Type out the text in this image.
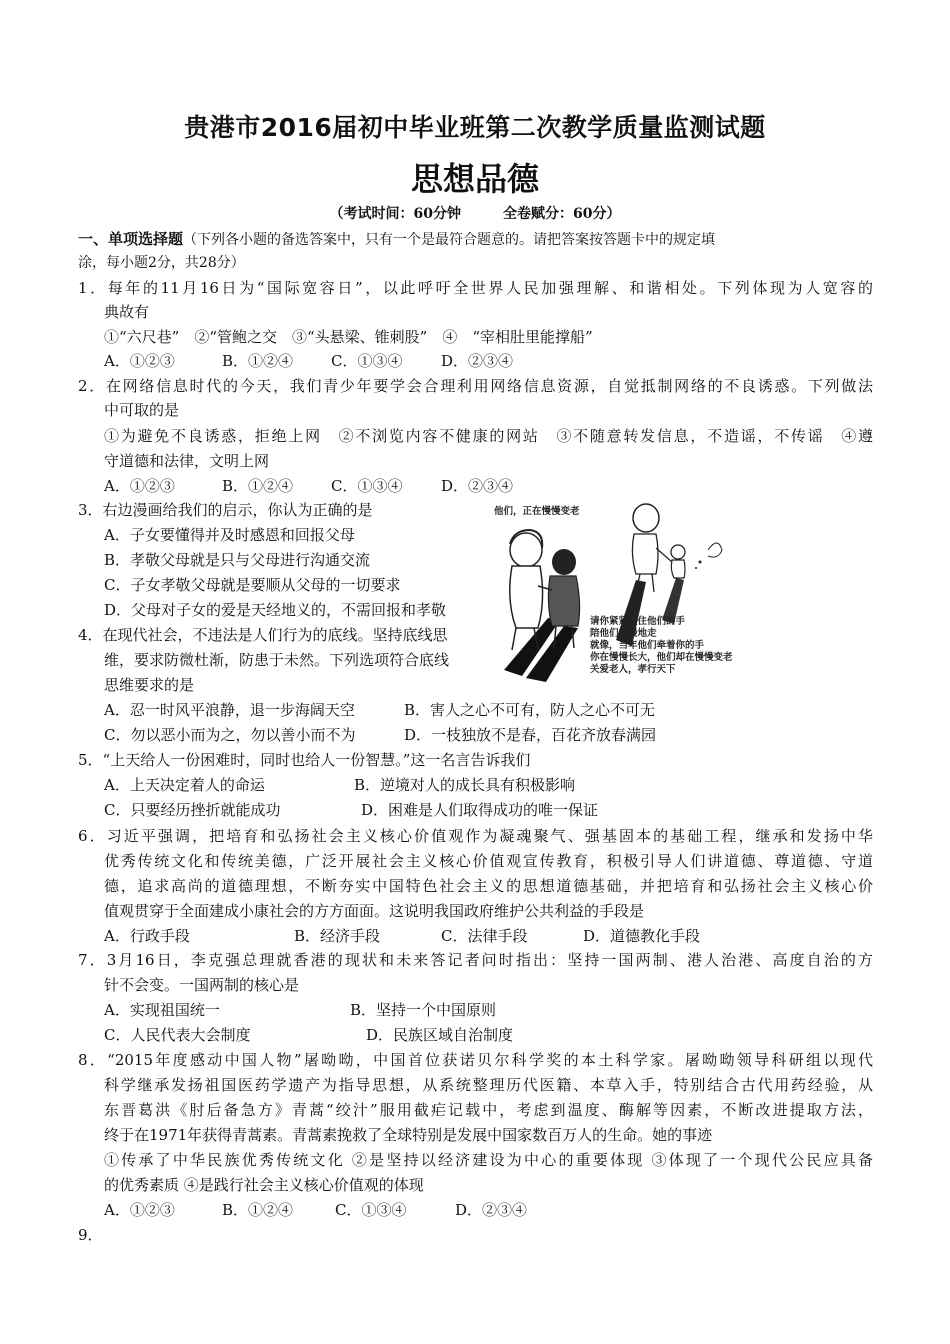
贵港市2016届初中毕业班第二次教学质量监测试题
思想品德
（考试时间：60分钟　　　全卷赋分：60分）
一、单项选择题（下列各小题的备选答案中，只有一个是最符合题意的。请把答案按答题卡中的规定填
涂，每小题2分，共28分）
1．每年的11月16日为“国际宽容日”，以此呼吁全世界人民加强理解、和谐相处。下列体现为人宽容的
典故有
①“六尺巷”　②“管鲍之交　③“头悬梁、锥刺股”　④　“宰相肚里能撑船”
A．①②③	B．①②④	C．①③④	D．②③④
2．在网络信息时代的今天，我们青少年要学会合理利用网络信息资源，自觉抵制网络的不良诱惑。下列做法
中可取的是
①为避免不良诱惑，拒绝上网　②不浏览内容不健康的网站　③不随意转发信息，不造谣，不传谣　④遵
守道德和法律，文明上网
A．①②③	B．①②④	C．①③④	D．②③④
3．右边漫画给我们的启示，你认为正确的是
A．子女要懂得并及时感恩和回报父母
B．孝敬父母就是只与父母进行沟通交流
C．子女孝敬父母就是要顺从父母的一切要求
D．父母对子女的爱是天经地义的，不需回报和孝敬
他们，正在慢慢变老
请你紧紧握住他们的手
陪他们慢慢地走
就像，当年他们牵着你的手
你在慢慢长大，他们却在慢慢变老
关爱老人，孝行天下
4．在现代社会，不违法是人们行为的底线。坚持底线思
维，要求防微杜渐，防患于未然。下列选项符合底线
思维要求的是
A．忍一时风平浪静，退一步海阔天空	B．害人之心不可有，防人之心不可无
C．勿以恶小而为之，勿以善小而不为	D．一枝独放不是春，百花齐放春满园
5．“上天给人一份困难时，同时也给人一份智慧。”这一名言告诉我们
A．上天决定着人的命运	B．逆境对人的成长具有积极影响
C．只要经历挫折就能成功	D．困难是人们取得成功的唯一保证
6．习近平强调，把培育和弘扬社会主义核心价值观作为凝魂聚气、强基固本的基础工程，继承和发扬中华
优秀传统文化和传统美德，广泛开展社会主义核心价值观宣传教育，积极引导人们讲道德、尊道德、守道
德，追求高尚的道德理想，不断夯实中国特色社会主义的思想道德基础，并把培育和弘扬社会主义核心价
值观贯穿于全面建成小康社会的方方面面。这说明我国政府维护公共利益的手段是
A．行政手段	B．经济手段	C．法律手段	D．道德教化手段
7．3月16日，李克强总理就香港的现状和未来答记者问时指出：坚持一国两制、港人治港、高度自治的方
针不会变。一国两制的核心是
A．实现祖国统一	B．坚持一个中国原则
C．人民代表大会制度	D．民族区域自治制度
8．“2015年度感动中国人物”屠呦呦，中国首位获诺贝尔科学奖的本土科学家。屠呦呦领导科研组以现代
科学继承发扬祖国医药学遗产为指导思想，从系统整理历代医籍、本草入手，特别结合古代用药经验，从
东晋葛洪《肘后备急方》青蒿“绞汁”服用截疟记载中，考虑到温度、酶解等因素，不断改进提取方法，
终于在1971年获得青蒿素。青蒿素挽救了全球特别是发展中国家数百万人的生命。她的事迹
①传承了中华民族优秀传统文化 ②是坚持以经济建设为中心的重要体现 ③体现了一个现代公民应具备
的优秀素质 ④是践行社会主义核心价值观的体现
A．①②③	B．①②④	C．①③④	D．②③④
9．
